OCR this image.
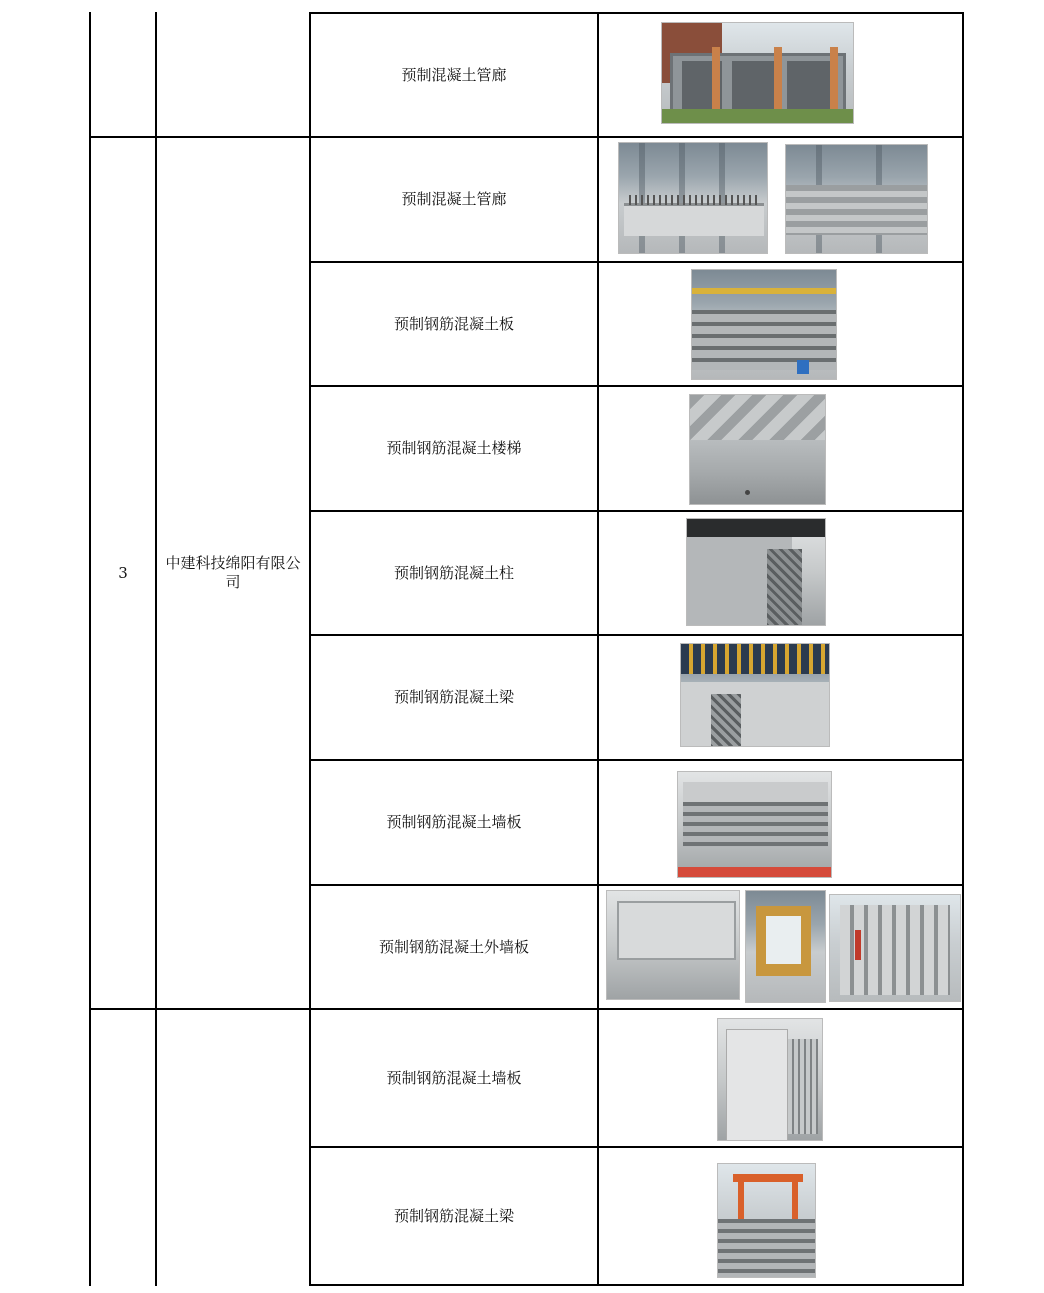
3
中建科技绵阳有限公司
预制混凝土管廊
预制混凝土管廊
预制钢筋混凝土板
预制钢筋混凝土楼梯
预制钢筋混凝土柱
预制钢筋混凝土梁
预制钢筋混凝土墙板
预制钢筋混凝土外墙板
预制钢筋混凝土墙板
预制钢筋混凝土梁
